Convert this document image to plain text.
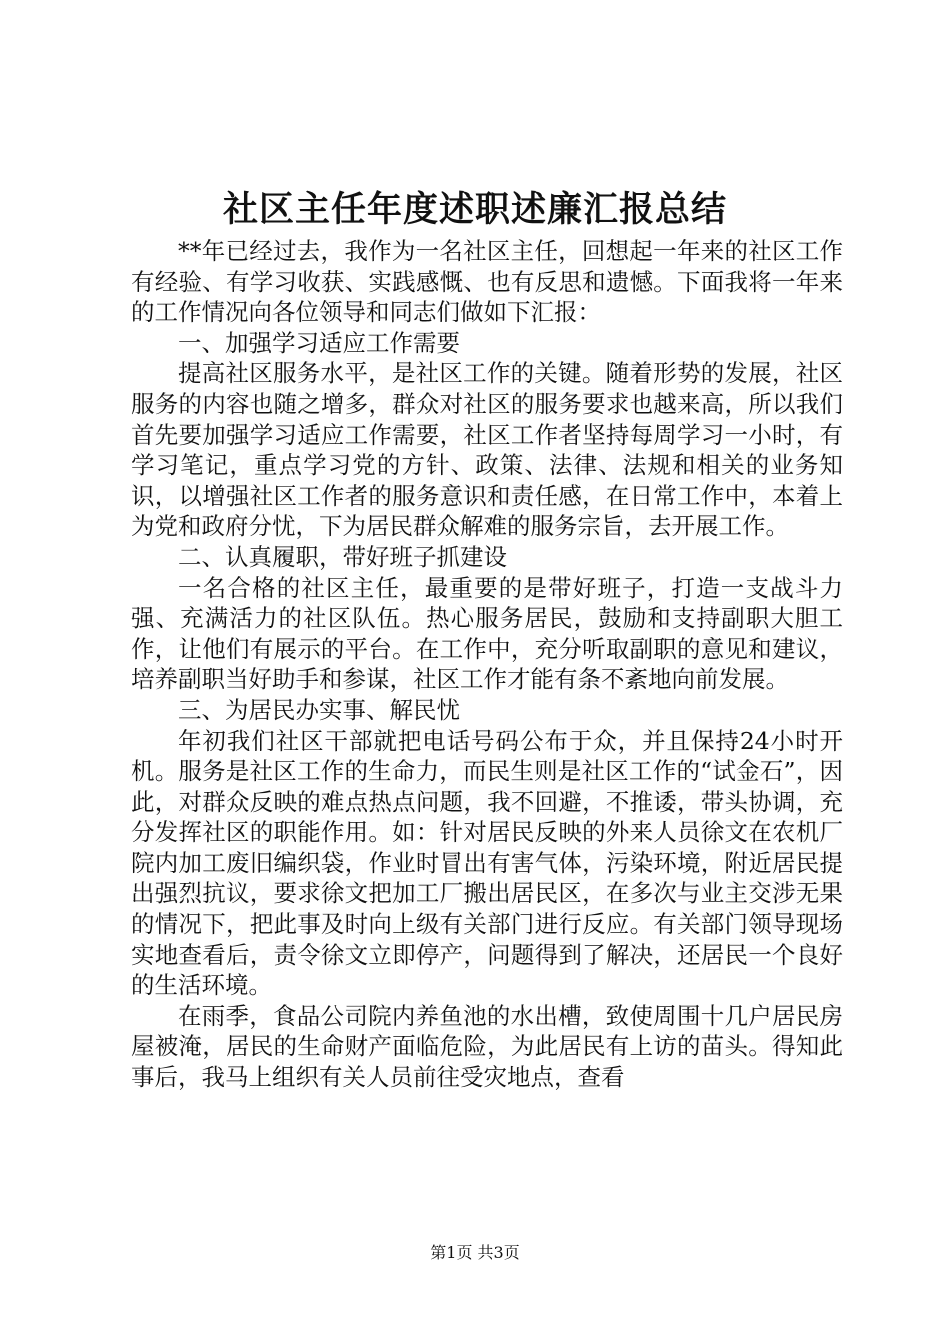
社区主任年度述职述廉汇报总结

**年已经过去，我作为一名社区主任，回想起一年来的社区工作有经验、有学习收获、实践感慨、也有反思和遗憾。下面我将一年来的工作情况向各位领导和同志们做如下汇报：

一、加强学习适应工作需要

提高社区服务水平，是社区工作的关键。随着形势的发展，社区服务的内容也随之增多，群众对社区的服务要求也越来高，所以我们首先要加强学习适应工作需要，社区工作者坚持每周学习一小时，有学习笔记，重点学习党的方针、政策、法律、法规和相关的业务知识，以增强社区工作者的服务意识和责任感，在日常工作中，本着上为党和政府分忧，下为居民群众解难的服务宗旨，去开展工作。

二、认真履职，带好班子抓建设

一名合格的社区主任，最重要的是带好班子，打造一支战斗力强、充满活力的社区队伍。热心服务居民，鼓励和支持副职大胆工作，让他们有展示的平台。在工作中，充分听取副职的意见和建议，培养副职当好助手和参谋，社区工作才能有条不紊地向前发展。

三、为居民办实事、解民忧

年初我们社区干部就把电话号码公布于众，并且保持24小时开机。服务是社区工作的生命力，而民生则是社区工作的“试金石”，因此，对群众反映的难点热点问题，我不回避，不推诿，带头协调，充分发挥社区的职能作用。如：针对居民反映的外来人员徐文在农机厂院内加工废旧编织袋，作业时冒出有害气体，污染环境，附近居民提出强烈抗议，要求徐文把加工厂搬出居民区，在多次与业主交涉无果的情况下，把此事及时向上级有关部门进行反应。有关部门领导现场实地查看后，责令徐文立即停产，问题得到了解决，还居民一个良好的生活环境。

在雨季，食品公司院内养鱼池的水出槽，致使周围十几户居民房屋被淹，居民的生命财产面临危险，为此居民有上访的苗头。得知此事后，我马上组织有关人员前往受灾地点，查看

第1页 共3页
